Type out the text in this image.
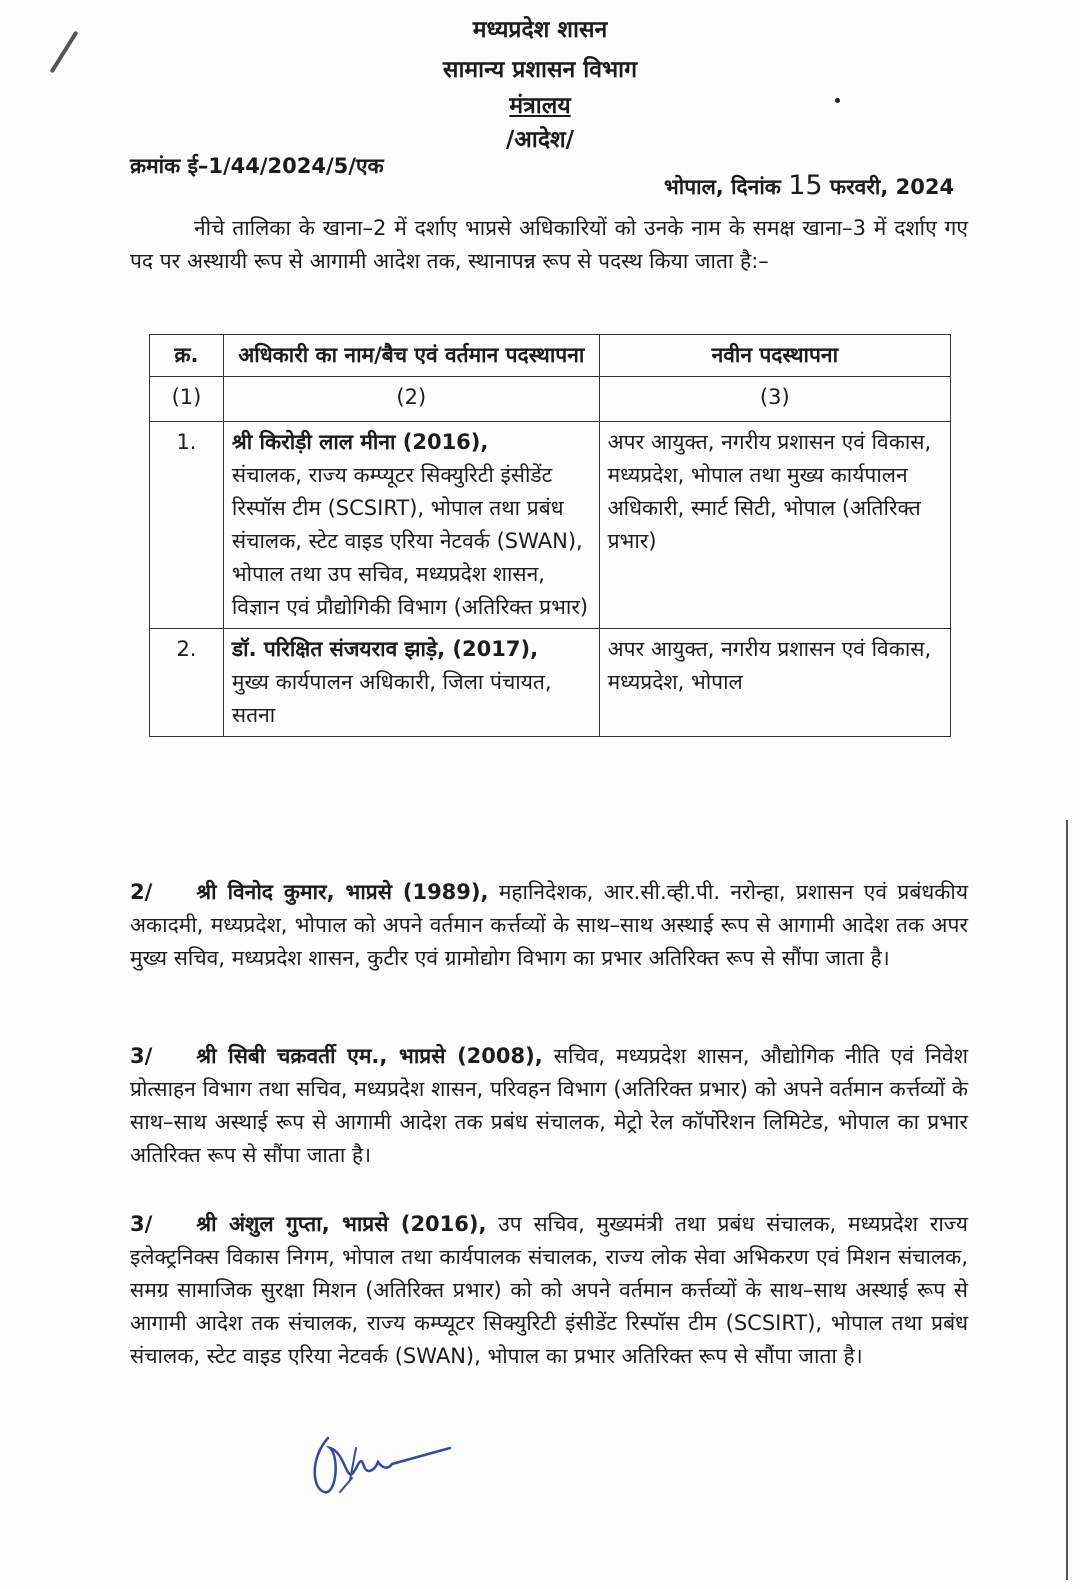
मध्यप्रदेश शासन
सामान्य प्रशासन विभाग
मंत्रालय
/आदेश/
क्रमांक ई–1/44/2024/5/एक
भोपाल, दिनांक 15 फरवरी, 2024
नीचे तालिका के खाना–2 में दर्शाए भाप्रसे अधिकारियों को उनके नाम के समक्ष खाना–3 में दर्शाए गए पद पर अस्थायी रूप से आगामी आदेश तक, स्थानापन्न रूप से पदस्थ किया जाता है:–
क्र.	अधिकारी का नाम/बैच एवं वर्तमान पदस्थापना	नवीन पदस्थापना
(1)	(2)	(3)
1.	श्री किरोड़ी लाल मीना (2016),
संचालक, राज्य कम्प्यूटर सिक्युरिटी इंसीडेंट रिस्पॉस टीम (SCSIRT), भोपाल तथा प्रबंध संचालक, स्टेट वाइड एरिया नेटवर्क (SWAN), भोपाल तथा उप सचिव, मध्यप्रदेश शासन, विज्ञान एवं प्रौद्योगिकी विभाग (अतिरिक्त प्रभार)	अपर आयुक्त, नगरीय प्रशासन एवं विकास, मध्यप्रदेश, भोपाल तथा मुख्य कार्यपालन अधिकारी, स्मार्ट सिटी, भोपाल (अतिरिक्त प्रभार)
2.	डॉ. परिक्षित संजयराव झाड़े, (2017),
मुख्य कार्यपालन अधिकारी, जिला पंचायत, सतना	अपर आयुक्त, नगरीय प्रशासन एवं विकास, मध्यप्रदेश, भोपाल
2/ श्री विनोद कुमार, भाप्रसे (1989), महानिदेशक, आर.सी.व्ही.पी. नरोन्हा, प्रशासन एवं प्रबंधकीय अकादमी, मध्यप्रदेश, भोपाल को अपने वर्तमान कर्त्तव्यों के साथ–साथ अस्थाई रूप से आगामी आदेश तक अपर मुख्य सचिव, मध्यप्रदेश शासन, कुटीर एवं ग्रामोद्योग विभाग का प्रभार अतिरिक्त रूप से सौंपा जाता है।
3/ श्री सिबी चक्रवर्ती एम., भाप्रसे (2008), सचिव, मध्यप्रदेश शासन, औद्योगिक नीति एवं निवेश प्रोत्साहन विभाग तथा सचिव, मध्यप्रदेश शासन, परिवहन विभाग (अतिरिक्त प्रभार) को अपने वर्तमान कर्त्तव्यों के साथ–साथ अस्थाई रूप से आगामी आदेश तक प्रबंध संचालक, मेट्रो रेल कॉर्पोरेशन लिमिटेड, भोपाल का प्रभार अतिरिक्त रूप से सौंपा जाता है।
3/ श्री अंशुल गुप्ता, भाप्रसे (2016), उप सचिव, मुख्यमंत्री तथा प्रबंध संचालक, मध्यप्रदेश राज्य इलेक्ट्रनिक्स विकास निगम, भोपाल तथा कार्यपालक संचालक, राज्य लोक सेवा अभिकरण एवं मिशन संचालक, समग्र सामाजिक सुरक्षा मिशन (अतिरिक्त प्रभार) को को अपने वर्तमान कर्त्तव्यों के साथ–साथ अस्थाई रूप से आगामी आदेश तक संचालक, राज्य कम्प्यूटर सिक्युरिटी इंसीडेंट रिस्पॉस टीम (SCSIRT), भोपाल तथा प्रबंध संचालक, स्टेट वाइड एरिया नेटवर्क (SWAN), भोपाल का प्रभार अतिरिक्त रूप से सौंपा जाता है।
